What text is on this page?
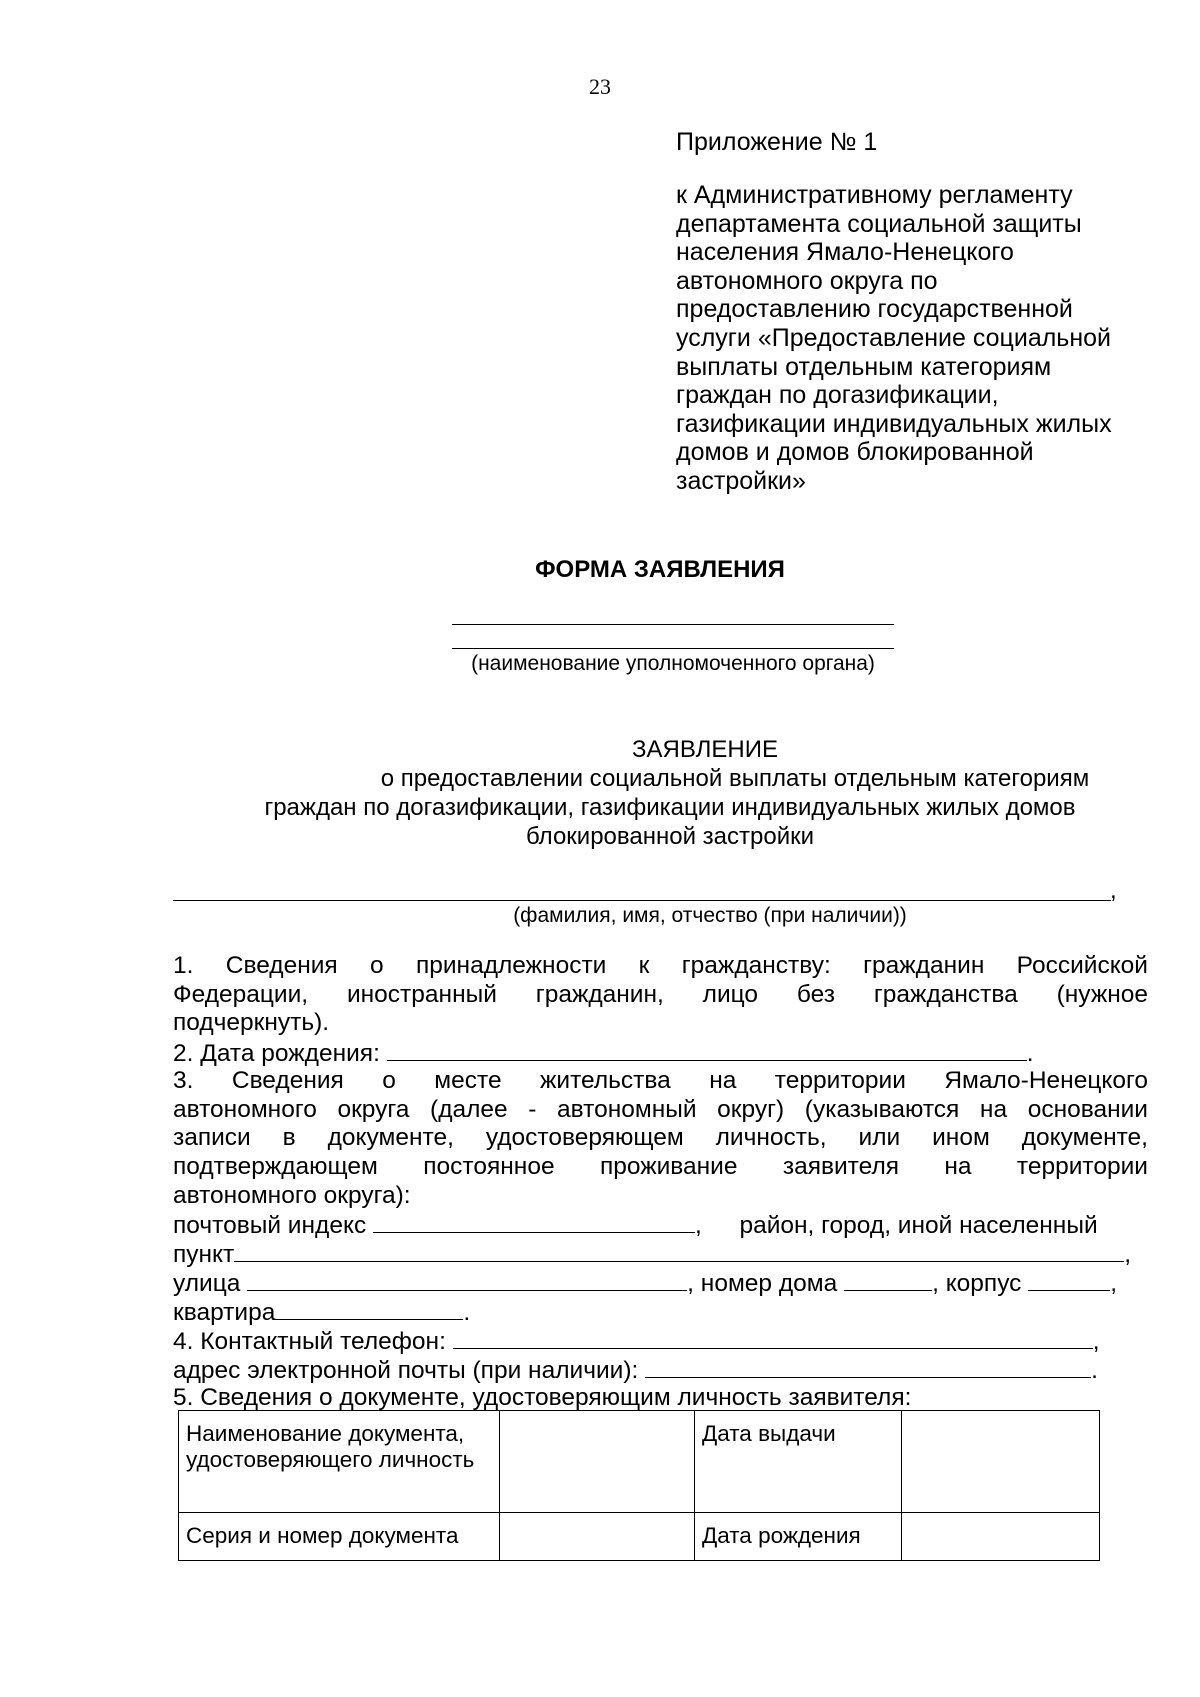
23
Приложение № 1
к Административному регламенту
департамента социальной защиты
населения Ямало-Ненецкого
автономного округа по
предоставлению государственной
услуги «Предоставление социальной
выплаты отдельным категориям
граждан по догазификации,
газификации индивидуальных жилых
домов и домов блокированной
застройки»
ФОРМА ЗАЯВЛЕНИЯ
(наименование уполномоченного органа)
ЗАЯВЛЕНИЕ
о предоставлении социальной выплаты отдельным категориям
граждан по догазификации, газификации индивидуальных жилых домов
блокированной застройки
,
(фамилия, имя, отчество (при наличии))
1. Сведения о принадлежности к гражданству: гражданин Российской
Федерации, иностранный гражданин, лицо без гражданства (нужное
подчеркнуть).
2. Дата рождения:	.
3. Сведения о месте жительства на территории Ямало-Ненецкого
автономного округа (далее - автономный округ) (указываются на основании
записи в документе, удостоверяющем личность, или ином документе,
подтверждающем постоянное проживание заявителя на территории
автономного округа):
почтовый индекс	, район, город, иной населенный
пункт	,
улица	, номер дома	, корпус	,
квартира	.
4. Контактный телефон:	,
адрес электронной почты (при наличии):	.
5. Сведения о документе, удостоверяющим личность заявителя:
Наименование документа, удостоверяющего личность		Дата выдачи	
Серия и номер документа		Дата рождения	
